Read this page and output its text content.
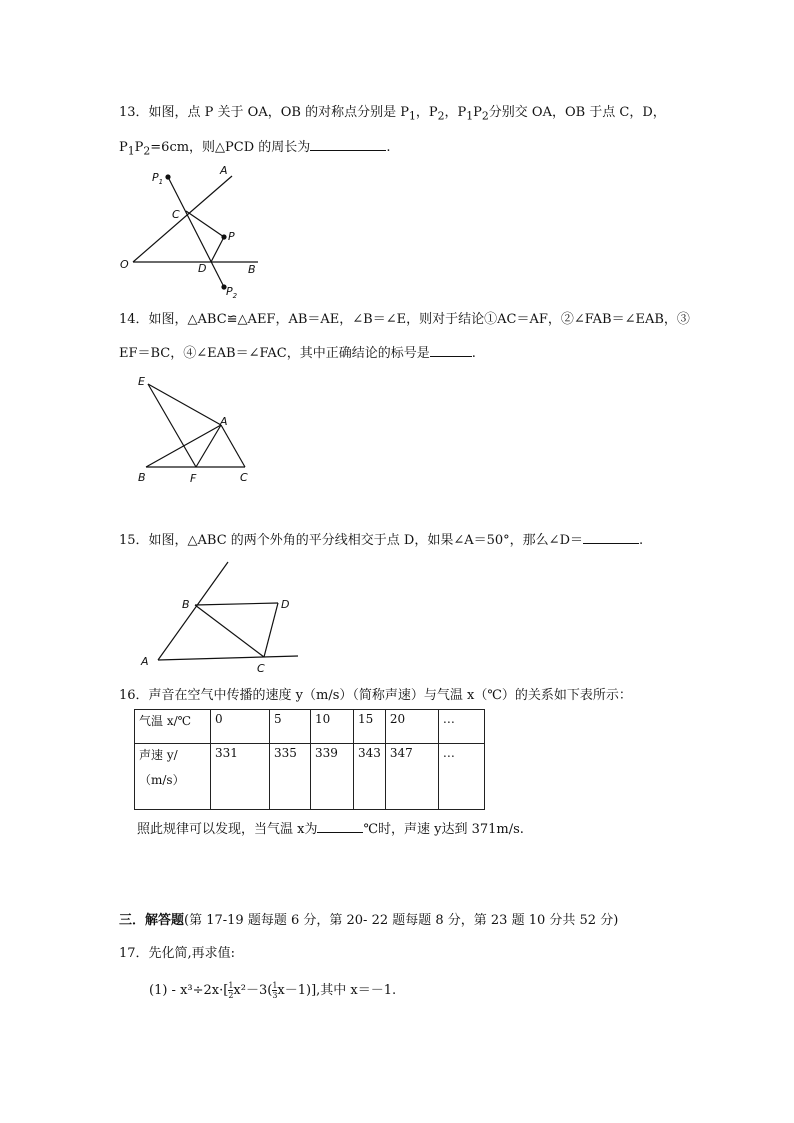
13．如图，点 P 关于 OA，OB 的对称点分别是 $P_1$，$P_2$，$P_1P_2$分别交 OA，OB 于点 C，D，
$P_1P_2=6cm$，则△PCD 的周长为	.
$P_1$
A
C
P
O	D	B
$P_2$
E
A
B	F	C
B	D
A
C
14．如图，△ABC≌△AEF，AB＝AE，∠B＝∠E，则对于结论①AC＝AF，②∠FAB＝∠EAB，③
EF＝BC，④∠EAB＝∠FAC，其中正确结论的标号是	.
15．如图，△ABC 的两个外角的平分线相交于点 D，如果∠A＝50°，那么∠D＝	.
16．声音在空气中传播的速度 y（m/s）（简称声速）与气温 x（℃）的关系如下表所示：
气温 x/℃	0	5	10	15	20	…

声速 y/
（m/s）	331	335	339	343	347	…
照此规律可以发现，当气温 x为	℃时，声速 y达到 371m/s.
三．解答题(第 17-19 题每题 6 分，第 20- 22 题每题 8 分，第 23 题 10 分共 52 分)
17．先化简,再求值:
$(1) - x^3\div 2x\cdot[ \frac{1}{2} x^2-3( \frac{1}{3} x-1)]$,其中 x＝－1.
